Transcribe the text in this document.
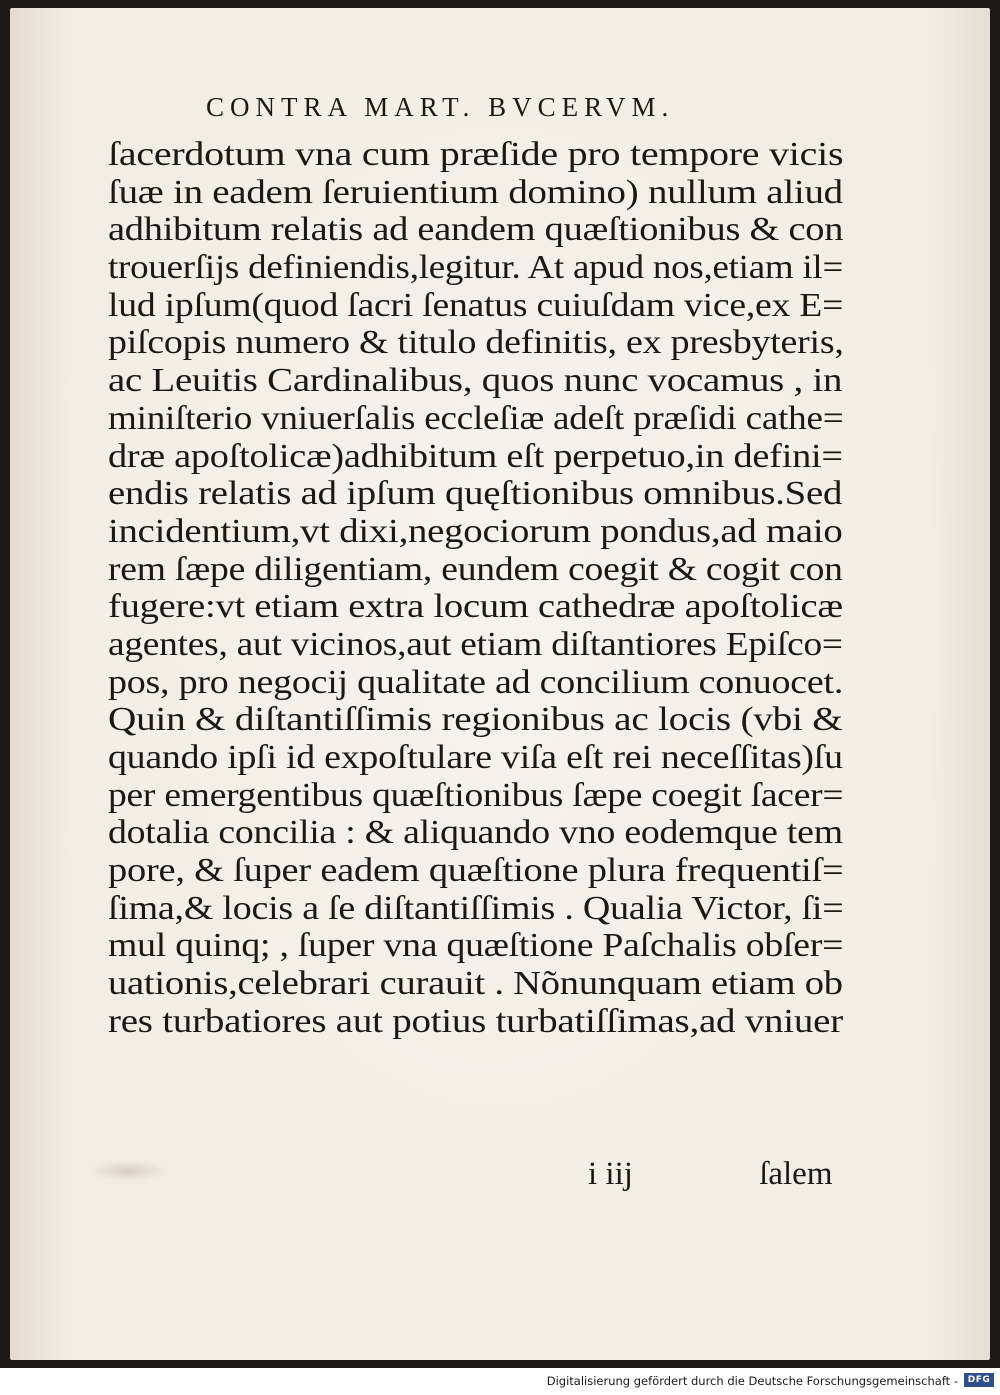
CONTRA MART. BVCERVM.
ſacerdotum vna cum præſide pro tempore vicis
ſuæ in eadem ſeruientium domino) nullum aliud
adhibitum relatis ad eandem quæſtionibus & con
trouerſijs definiendis,legitur. At apud nos,etiam il=
lud ipſum(quod ſacri ſenatus cuiuſdam vice,ex E=
piſcopis numero & titulo definitis, ex presbyteris,
ac Leuitis Cardinalibus, quos nunc vocamus , in
miniſterio vniuerſalis eccleſiæ adeſt præſidi cathe=
dræ apoſtolicæ)adhibitum eſt perpetuo,in defini=
endis relatis ad ipſum quęſtionibus omnibus.Sed
incidentium,vt dixi,negociorum pondus,ad maio
rem ſæpe diligentiam, eundem coegit & cogit con
fugere:vt etiam extra locum cathedræ apoſtolicæ
agentes, aut vicinos,aut etiam diſtantiores Epiſco=
pos, pro negocij qualitate ad concilium conuocet.
Quin & diſtantiſſimis regionibus ac locis (vbi &
quando ipſi id expoſtulare viſa eſt rei neceſſitas)ſu
per emergentibus quæſtionibus ſæpe coegit ſacer=
dotalia concilia : & aliquando vno eodemque tem
pore, & ſuper eadem quæſtione plura frequentiſ=
ſima,& locis a ſe diſtantiſſimis . Qualia Victor, ſi=
mul quinq; , ſuper vna quæſtione Paſchalis obſer=
uationis,celebrari curauit . Nõnunquam etiam ob
res turbatiores aut potius turbatiſſimas,ad vniuer
i iij	ſalem
Digitalisierung gefördert durch die Deutsche Forschungsgemeinschaft -	DFG
